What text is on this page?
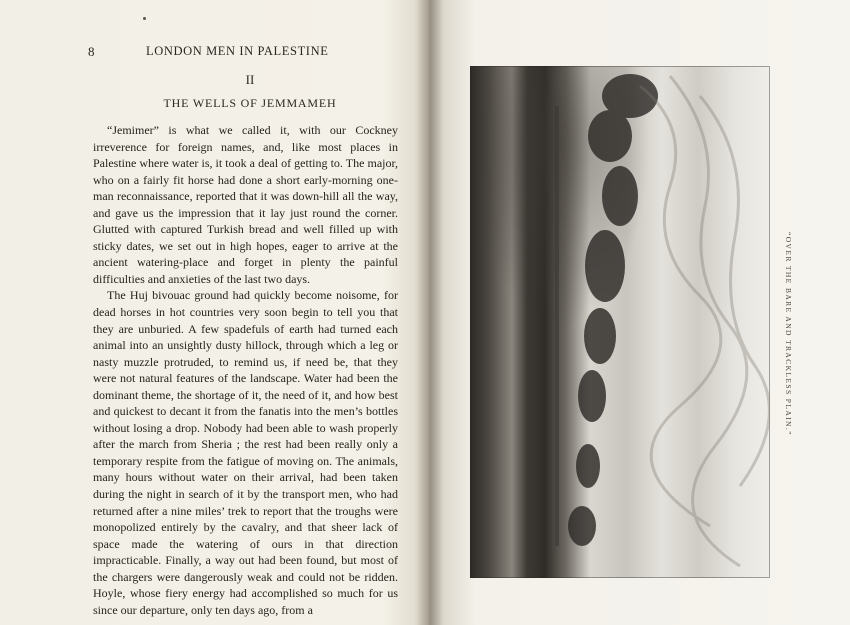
8	LONDON MEN IN PALESTINE
II
THE WELLS OF JEMMAMEH

“Jemimer” is what we called it, with our Cockney irreverence for foreign names, and, like most places in Palestine where water is, it took a deal of getting to. The major, who on a fairly fit horse had done a short early-morning one-man reconnaissance, reported that it was down-hill all the way, and gave us the impression that it lay just round the corner. Glutted with captured Turkish bread and well filled up with sticky dates, we set out in high hopes, eager to arrive at the ancient watering-place and forget in plenty the painful difficulties and anxieties of the last two days.

The Huj bivouac ground had quickly become noisome, for dead horses in hot countries very soon begin to tell you that they are unburied. A few spadefuls of earth had turned each animal into an unsightly dusty hillock, through which a leg or nasty muzzle protruded, to remind us, if need be, that they were not natural features of the landscape. Water had been the dominant theme, the shortage of it, the need of it, and how best and quickest to decant it from the fanatis into the men’s bottles without losing a drop. Nobody had been able to wash properly after the march from Sheria ; the rest had been really only a temporary respite from the fatigue of moving on. The animals, many hours without water on their arrival, had been taken during the night in search of it by the transport men, who had returned after a nine miles’ trek to report that the troughs were monopolized entirely by the cavalry, and that sheer lack of space made the watering of ours in that direction impracticable. Finally, a way out had been found, but most of the chargers were dangerously weak and could not be ridden. Hoyle, whose fiery energy had accomplished so much for us since our departure, only ten days ago, from a

“OVER THE BARE AND TRACKLESS PLAIN.”
